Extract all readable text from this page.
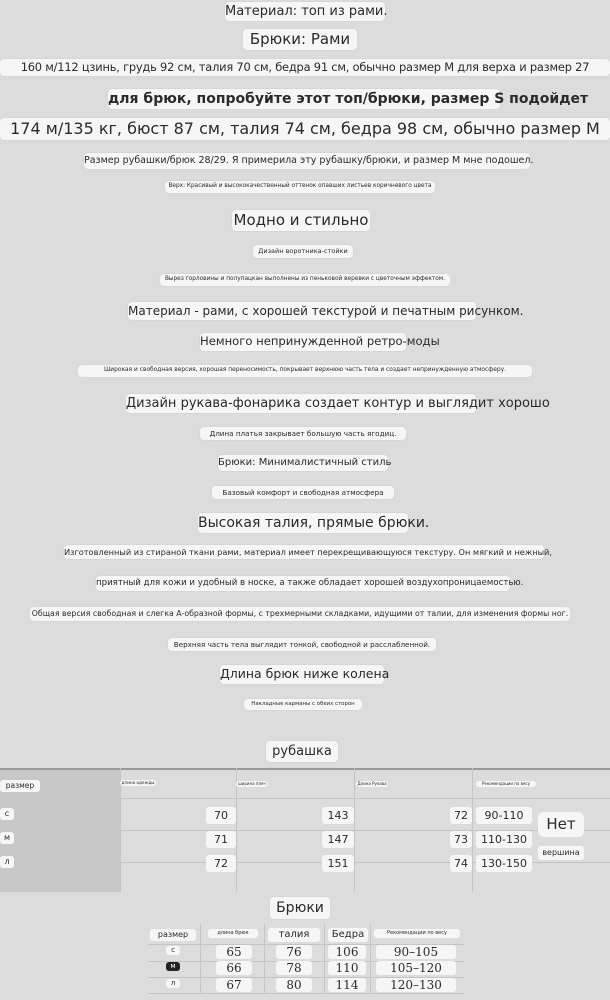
Материал: топ из рами.
Брюки: Рами
160 м/112 цзинь, грудь 92 см, талия 70 см, бедра 91 см, обычно размер M для верха и размер 27
для брюк, попробуйте этот топ/брюки, размер S подойдет
174 м/135 кг, бюст 87 см, талия 74 см, бедра 98 см, обычно размер M
Размер рубашки/брюк 28/29. Я примерила эту рубашку/брюки, и размер M мне подошел.
Верх: Красивый и высококачественный оттенок опавших листьев коричневого цвета
Модно и стильно
Дизайн воротника-стойки
Вырез горловины и полупацкан выполнены из пеньковой веревки с цветочным эффектом.
Материал - рами, с хорошей текстурой и печатным рисунком.
Немного непринужденной ретро-моды
Широкая и свободная версия, хорошая переносимость, покрывает верхнюю часть тела и создает непринужденную атмосферу.
Дизайн рукава-фонарика создает контур и выглядит хорошо
Длина платья закрывает большую часть ягодиц.
Брюки: Минималистичный стиль
Базовый комфорт и свободная атмосфера
Высокая талия, прямые брюки.
Изготовленный из стираной ткани рами, материал имеет перекрещивающуюся текстуру. Он мягкий и нежный,
приятный для кожи и удобный в носке, а также обладает хорошей воздухопроницаемостью.
Общая версия свободная и слегка А-образной формы, с трехмерными складками, идущими от талии, для изменения формы ног.
Верхняя часть тела выглядит тонкой, свободной и расслабленной.
Длина брюк ниже колена
Накладные карманы с обеих сторон
рубашка
размер	длина одежды	ширина плеч	Длина Рукава	Рекомендации по весу
с	70	143	72	90-110
м	71	147	73	110-130
л	72	151	74	130-150
Нет
вершина
Брюки
размер	длина брюк	талия	Бедра	Рекомендации по весу
с	65	76	106	90–105
м	66	78	110	105–120
л	67	80	114	120–130
